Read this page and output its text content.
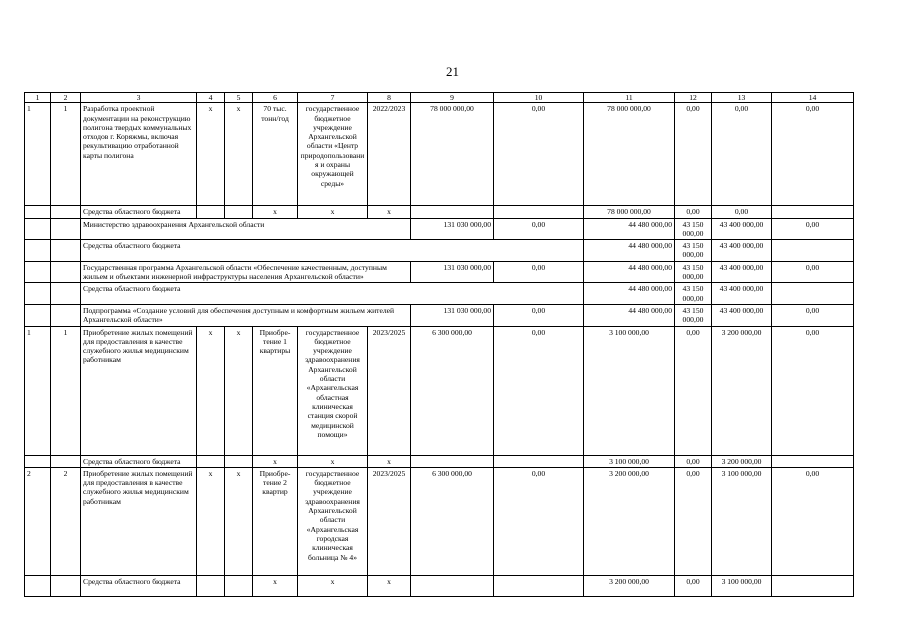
21
1	2	3	4	5	6	7	8	9	10	11	12	13	14
1	1	Разработка проектной документации на реконструкцию полигона твердых коммунальных отходов г. Коряжмы, включая рекультивацию отработанной карты полигона	х	х	70 тыс. тонн/год	государственное бюджетное учреждение Архангельской области «Центр природопользования и охраны окружающей среды»	2022/2023	78 000 000,00	0,00	78 000 000,00	0,00	0,00	0,00
		Средства областного бюджета			х	х	х			78 000 000,00	0,00	0,00	
		Министерство здравоохранения Архангельской области						131 030 000,00	0,00	44 480 000,00	43 150 000,00	43 400 000,00	0,00
		Средства областного бюджета								44 480 000,00	43 150 000,00	43 400 000,00	
		Государственная программа Архангельской области «Обеспечение качественным, доступным жильем и объектами инженерной инфраструктуры населения Архангельской области»						131 030 000,00	0,00	44 480 000,00	43 150 000,00	43 400 000,00	0,00
		Средства областного бюджета								44 480 000,00	43 150 000,00	43 400 000,00	
		Подпрограмма «Создание условий для обеспечения доступным и комфортным жильем жителей Архангельской области»						131 030 000,00	0,00	44 480 000,00	43 150 000,00	43 400 000,00	0,00
1	1	Приобретение жилых помещений для предоставления в качестве служебного жилья медицинским работникам	х	х	Приобре-тение 1 квартиры	государственное бюджетное учреждение здравоохранения Архангельской области «Архангельская областная клиническая станция скорой медицинской помощи»	2023/2025	6 300 000,00	0,00	3 100 000,00	0,00	3 200 000,00	0,00
		Средства областного бюджета			х	х	х			3 100 000,00	0,00	3 200 000,00	
2	2	Приобретение жилых помещений для предоставления в качестве служебного жилья медицинским работникам	х	х	Приобре-тение 2 квартир	государственное бюджетное учреждение здравоохранения Архангельской области «Архангельская городская клиническая больница № 4»	2023/2025	6 300 000,00	0,00	3 200 000,00	0,00	3 100 000,00	0,00
		Средства областного бюджета			х	х	х			3 200 000,00	0,00	3 100 000,00	
